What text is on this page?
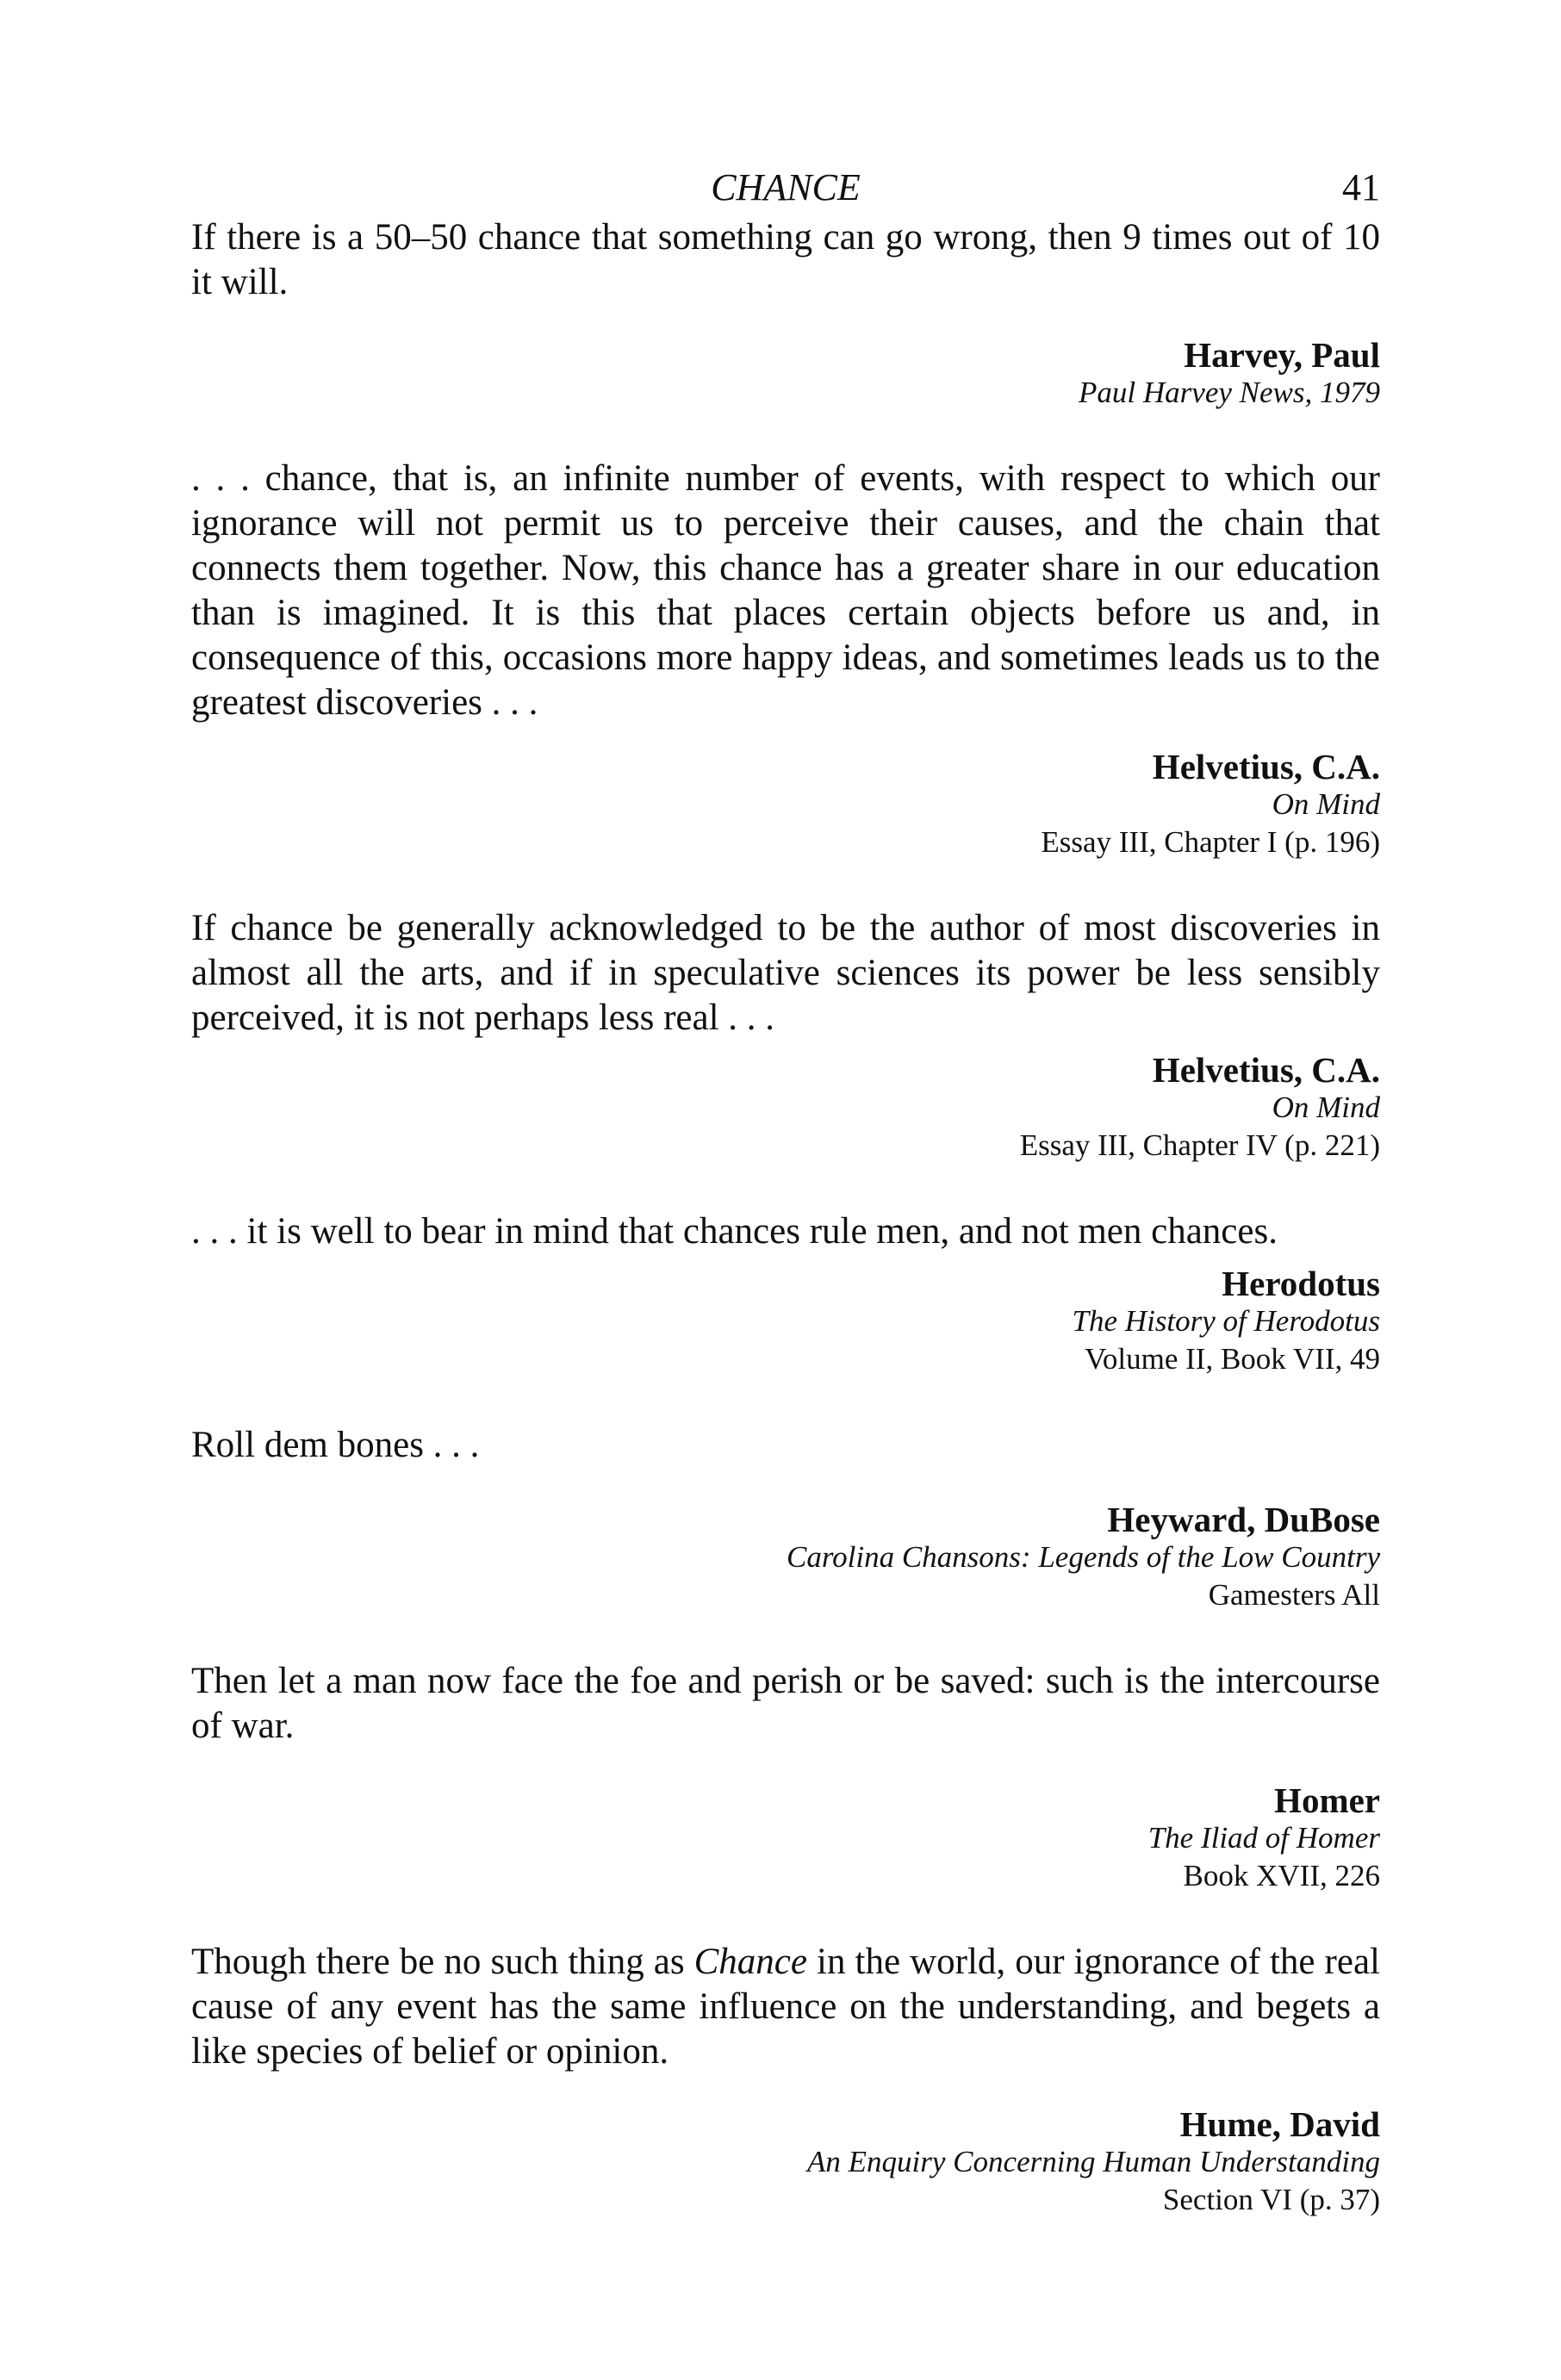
CHANCE	41

If there is a 50–50 chance that something can go wrong, then 9 times out of 10 it will.

Harvey, Paul
Paul Harvey News, 1979

. . . chance, that is, an infinite number of events, with respect to which our ignorance will not permit us to perceive their causes, and the chain that connects them together. Now, this chance has a greater share in our education than is imagined. It is this that places certain objects before us and, in consequence of this, occasions more happy ideas, and sometimes leads us to the greatest discoveries . . .

Helvetius, C.A.
On Mind
Essay III, Chapter I (p. 196)

If chance be generally acknowledged to be the author of most discoveries in almost all the arts, and if in speculative sciences its power be less sensibly perceived, it is not perhaps less real . . .

Helvetius, C.A.
On Mind
Essay III, Chapter IV (p. 221)

. . . it is well to bear in mind that chances rule men, and not men chances.

Herodotus
The History of Herodotus
Volume II, Book VII, 49

Roll dem bones . . .

Heyward, DuBose
Carolina Chansons: Legends of the Low Country
Gamesters All

Then let a man now face the foe and perish or be saved: such is the intercourse of war.

Homer
The Iliad of Homer
Book XVII, 226

Though there be no such thing as Chance in the world, our ignorance of the real cause of any event has the same influence on the understanding, and begets a like species of belief or opinion.

Hume, David
An Enquiry Concerning Human Understanding
Section VI (p. 37)
